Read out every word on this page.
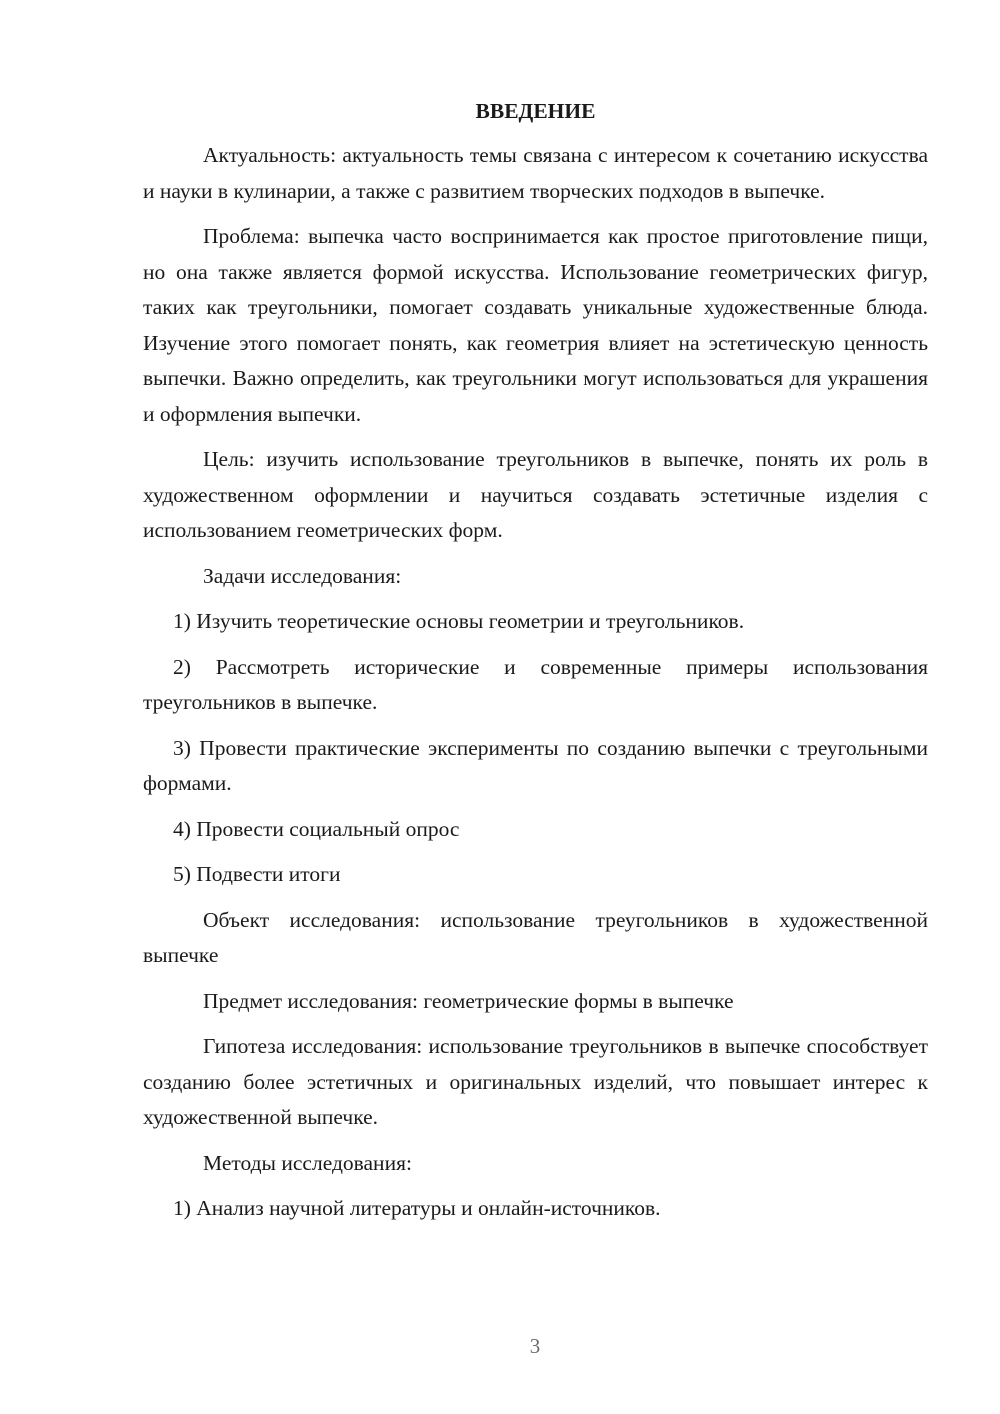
ВВЕДЕНИЕ

Актуальность: актуальность темы связана с интересом к сочетанию искусства и науки в кулинарии, а также с развитием творческих подходов в выпечке.

Проблема: выпечка часто воспринимается как простое приготовление пищи, но она также является формой искусства. Использование геометрических фигур, таких как треугольники, помогает создавать уникальные художественные блюда. Изучение этого помогает понять, как геометрия влияет на эстетическую ценность выпечки. Важно определить, как треугольники могут использоваться для украшения и оформления выпечки.

Цель: изучить использование треугольников в выпечке, понять их роль в художественном оформлении и научиться создавать эстетичные изделия с использованием геометрических форм.

Задачи исследования:

1) Изучить теоретические основы геометрии и треугольников.

2) Рассмотреть исторические и современные примеры использования треугольников в выпечке.

3) Провести практические эксперименты по созданию выпечки с треугольными формами.

4) Провести социальный опрос

5) Подвести итоги

Объект исследования: использование треугольников в художественной выпечке

Предмет исследования: геометрические формы в выпечке

Гипотеза исследования: использование треугольников в выпечке способствует созданию более эстетичных и оригинальных изделий, что повышает интерес к художественной выпечке.

Методы исследования:

1) Анализ научной литературы и онлайн-источников.

3
